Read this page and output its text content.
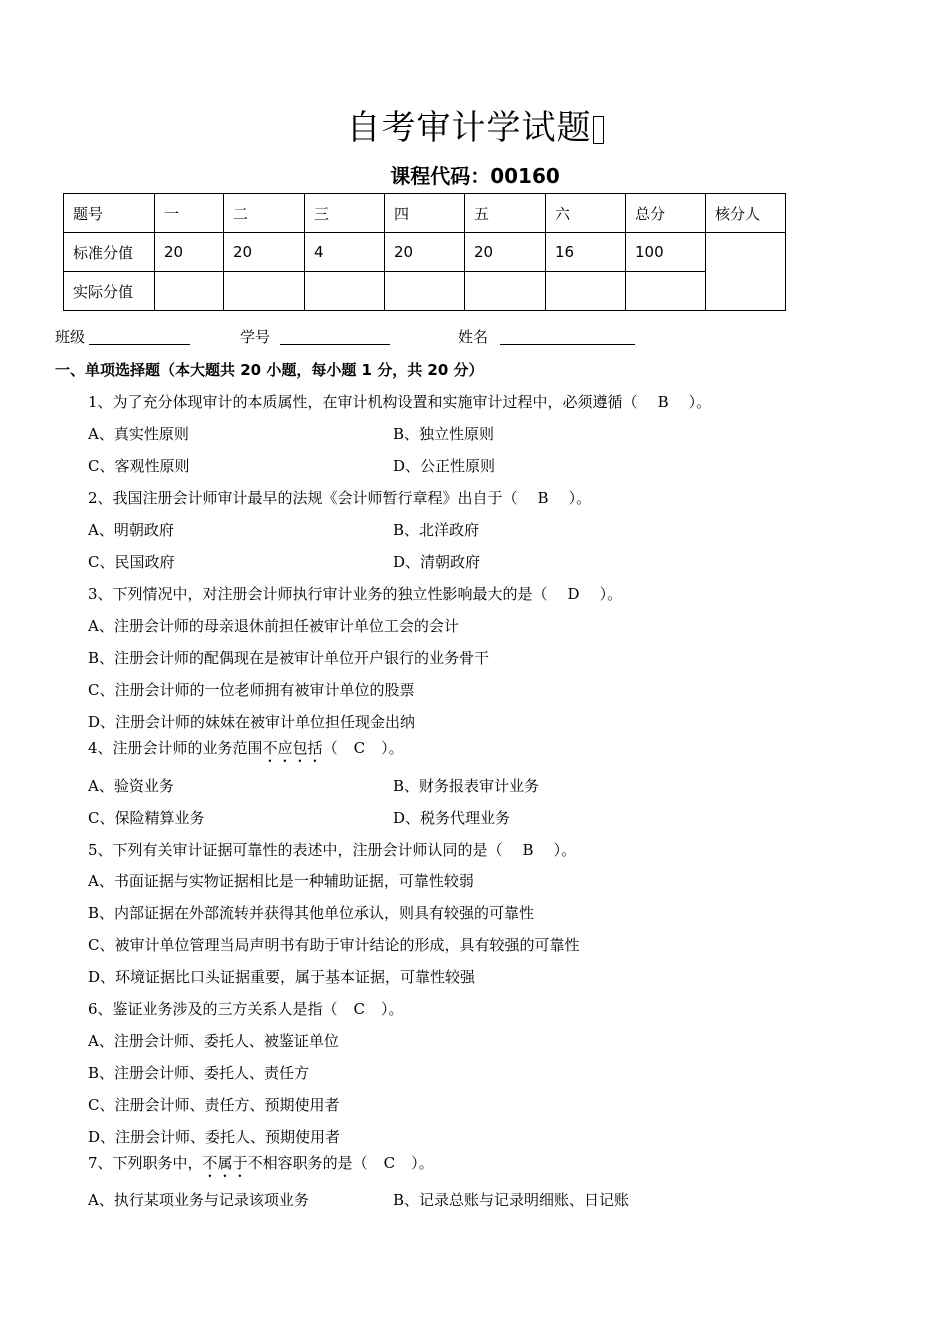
自考审计学试题
课程代码：00160
题号	一	二	三	四	五	六	总分	核分人
标准分值	20	20	4	20	20	16	100	
实际分值								
班级	学号	姓名
一、单项选择题（本大题共 20 小题，每小题 1 分，共 20 分）
1、为了充分体现审计的本质属性，在审计机构设置和实施审计过程中，必须遵循（ B ）。
A、真实性原则	B、独立性原则
C、客观性原则	D、公正性原则
2、我国注册会计师审计最早的法规《会计师暂行章程》出自于（ B ）。
A、明朝政府	B、北洋政府
C、民国政府	D、清朝政府
3、下列情况中，对注册会计师执行审计业务的独立性影响最大的是（ D ）。
A、注册会计师的母亲退休前担任被审计单位工会的会计
B、注册会计师的配偶现在是被审计单位开户银行的业务骨干
C、注册会计师的一位老师拥有被审计单位的股票
D、注册会计师的妹妹在被审计单位担任现金出纳
4、注册会计师的业务范围不应包括（ C ）。
A、验资业务	B、财务报表审计业务
C、保险精算业务	D、税务代理业务
5、下列有关审计证据可靠性的表述中，注册会计师认同的是（ B ）。
A、书面证据与实物证据相比是一种辅助证据，可靠性较弱
B、内部证据在外部流转并获得其他单位承认，则具有较强的可靠性
C、被审计单位管理当局声明书有助于审计结论的形成，具有较强的可靠性
D、环境证据比口头证据重要，属于基本证据，可靠性较强
6、鉴证业务涉及的三方关系人是指（ C ）。
A、注册会计师、委托人、被鉴证单位
B、注册会计师、委托人、责任方
C、注册会计师、责任方、预期使用者
D、注册会计师、委托人、预期使用者
7、下列职务中，不属于不相容职务的是（ C ）。
A、执行某项业务与记录该项业务	B、记录总账与记录明细账、日记账
